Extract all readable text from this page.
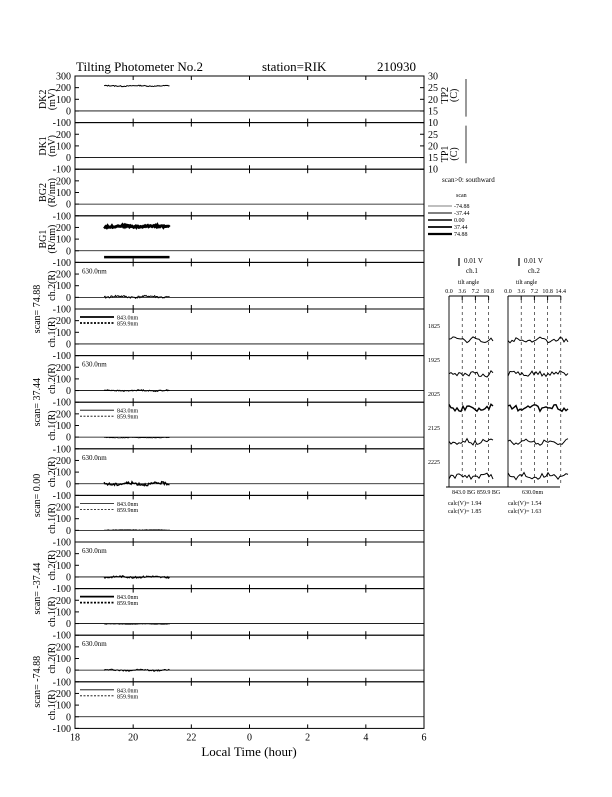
Tilting Photometer No.2	station=RIK	210930
300
200
100
0
-100
DK2
(mV)
30
25
20
15
10
TP2
(C)
200
100
0
-100
DK1
(mV)	25
20
15
10
TP1
(C)
200
100
0
-100
BG2
(R/nm)
200
100
0
-100
BG1
(R/nm)
200
100
0
-100
ch.2(R)
scan= 74.88
630.0nm
200
100
0
-100
ch.1(R)	843.0nm
859.9nm
200
100
0
-100
ch.2(R)
scan= 37.44
630.0nm
200
100
0
-100
ch.1(R)	843.0nm
859.9nm
200
100
0
-100
ch.2(R)
scan= 0.00
630.0nm
200
100
0
-100
ch.1(R)	843.0nm
859.9nm
200
100
0
-100
ch.2(R)
scan= -37.44
630.0nm
200
100
0
-100
ch.1(R)	843.0nm
859.9nm
200
100
0
-100
ch.2(R)
scan= -74.88
630.0nm
200
100
0
-100
ch.1(R)	843.0nm
859.9nm
Local Time (hour)
18	20	22	0	2	4	6
scan>0: southward
scan
0.01 V
ch.1
0.01 V
ch.2
tilt angle	tilt angle
843.0 BG 859.9 BG	630.0nm
calc(V)= 1.94
calc(V)= 1.85
calc(V)= 1.54
calc(V)= 1.63
-74.88
-37.44
0.00
37.44
74.88
0.0 3.6 7.2 10.8 0.0 3.6 7.2 10.8 14.4
1825
1925
2025
2125
2225
